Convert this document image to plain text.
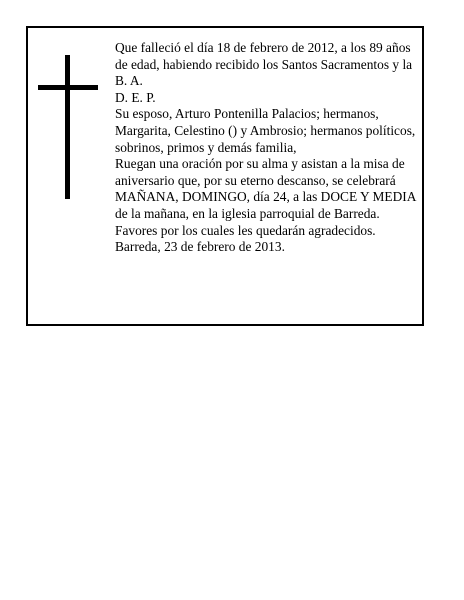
Que falleció el día 18 de febrero de 2012, a los 89 años de edad, habiendo recibido los Santos Sacramentos y la B. A.

D. E. P.

Su esposo, Arturo Pontenilla Palacios; hermanos, Margarita, Celestino () y Ambrosio; hermanos políticos, sobrinos, primos y demás familia,

Ruegan una oración por su alma y asistan a la misa de aniversario que, por su eterno descanso, se celebrará MAÑANA, DOMINGO, día 24, a las DOCE Y MEDIA de la mañana, en la iglesia parroquial de Barreda. Favores por los cuales les quedarán agradecidos.

Barreda, 23 de febrero de 2013.
